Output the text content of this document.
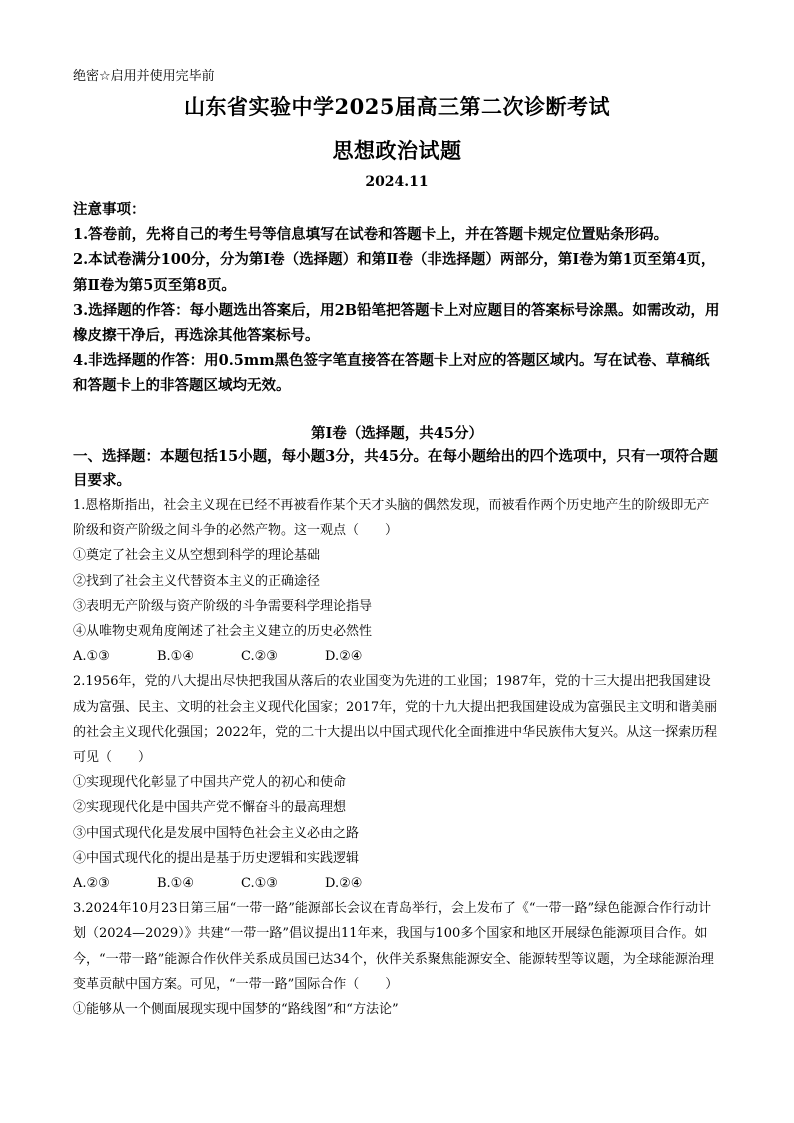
绝密☆启用并使用完毕前
山东省实验中学2025届高三第二次诊断考试
思想政治试题
2024.11

注意事项：

1.答卷前，先将自己的考生号等信息填写在试卷和答题卡上，并在答题卡规定位置贴条形码。

2.本试卷满分100分，分为第Ⅰ卷（选择题）和第Ⅱ卷（非选择题）两部分，第Ⅰ卷为第1页至第4页，第Ⅱ卷为第5页至第8页。

3.选择题的作答：每小题选出答案后，用2B铅笔把答题卡上对应题目的答案标号涂黑。如需改动，用橡皮擦干净后，再选涂其他答案标号。

4.非选择题的作答：用0.5mm黑色签字笔直接答在答题卡上对应的答题区域内。写在试卷、草稿纸和答题卡上的非答题区域均无效。

第Ⅰ卷（选择题，共45分）
一、选择题：本题包括15小题，每小题3分，共45分。在每小题给出的四个选项中，只有一项符合题目要求。

1.恩格斯指出，社会主义现在已经不再被看作某个天才头脑的偶然发现，而被看作两个历史地产生的阶级即无产阶级和资产阶级之间斗争的必然产物。这一观点（　　）

①奠定了社会主义从空想到科学的理论基础

②找到了社会主义代替资本主义的正确途径

③表明无产阶级与资产阶级的斗争需要科学理论指导

④从唯物史观角度阐述了社会主义建立的历史必然性

A.①③	B.①④	C.②③	D.②④

2.1956年，党的八大提出尽快把我国从落后的农业国变为先进的工业国；1987年，党的十三大提出把我国建设成为富强、民主、文明的社会主义现代化国家；2017年，党的十九大提出把我国建设成为富强民主文明和谐美丽的社会主义现代化强国；2022年，党的二十大提出以中国式现代化全面推进中华民族伟大复兴。从这一探索历程可见（　　）

①实现现代化彰显了中国共产党人的初心和使命

②实现现代化是中国共产党不懈奋斗的最高理想

③中国式现代化是发展中国特色社会主义必由之路

④中国式现代化的提出是基于历史逻辑和实践逻辑

A.②③	B.①④	C.①③	D.②④

3.2024年10月23日第三届“一带一路”能源部长会议在青岛举行，会上发布了《“一带一路”绿色能源合作行动计划（2024—2029）》共建“一带一路”倡议提出11年来，我国与100多个国家和地区开展绿色能源项目合作。如今，“一带一路”能源合作伙伴关系成员国已达34个，伙伴关系聚焦能源安全、能源转型等议题，为全球能源治理变革贡献中国方案。可见，“一带一路”国际合作（　　）

①能够从一个侧面展现实现中国梦的“路线图”和“方法论”
